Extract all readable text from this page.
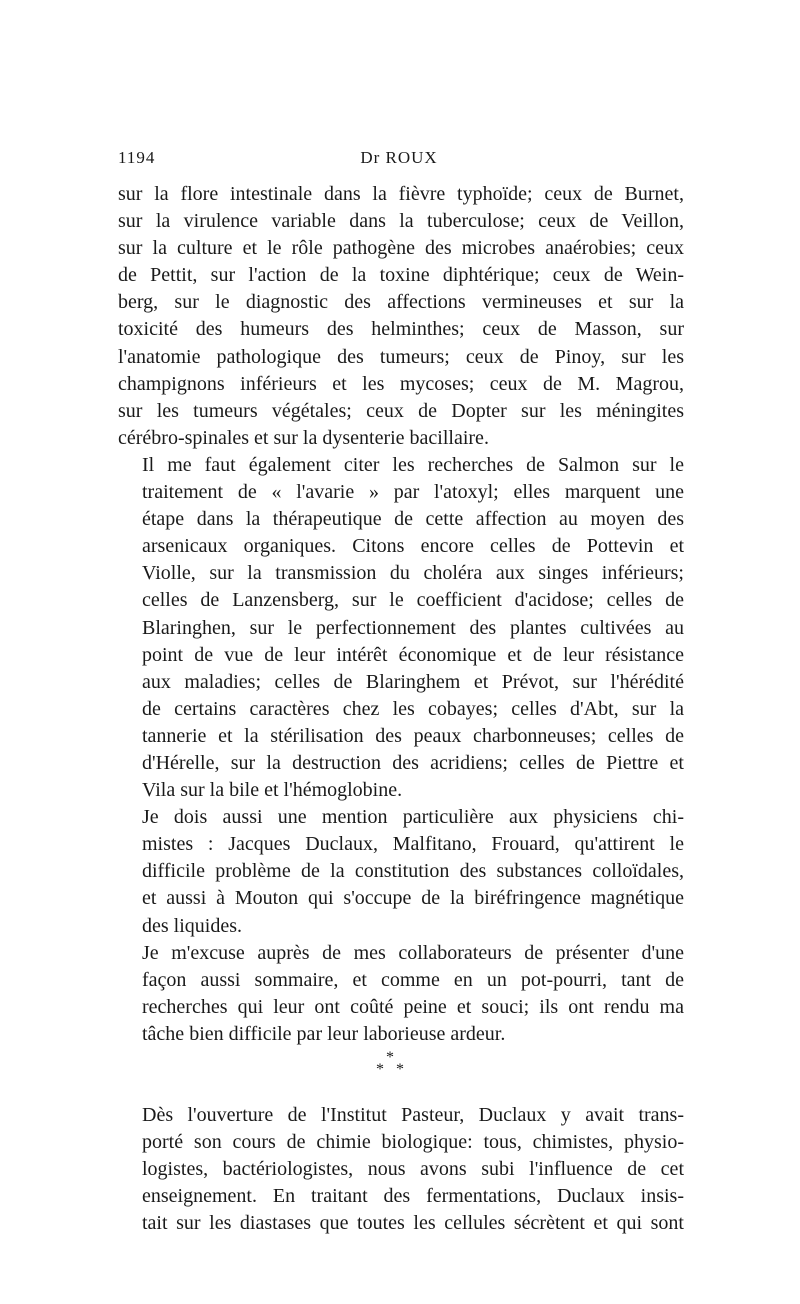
1194	Dr ROUX

sur la flore intestinale dans la fièvre typhoïde; ceux de Burnet,
sur la virulence variable dans la tuberculose; ceux de Veillon,
sur la culture et le rôle pathogène des microbes anaérobies; ceux
de Pettit, sur l'action de la toxine diphtérique; ceux de Wein-
berg, sur le diagnostic des affections vermineuses et sur la
toxicité des humeurs des helminthes; ceux de Masson, sur
l'anatomie pathologique des tumeurs; ceux de Pinoy, sur les
champignons inférieurs et les mycoses; ceux de M. Magrou,
sur les tumeurs végétales; ceux de Dopter sur les méningites
cérébro-spinales et sur la dysenterie bacillaire.

Il me faut également citer les recherches de Salmon sur le
traitement de « l'avarie » par l'atoxyl; elles marquent une
étape dans la thérapeutique de cette affection au moyen des
arsenicaux organiques. Citons encore celles de Pottevin et
Violle, sur la transmission du choléra aux singes inférieurs;
celles de Lanzensberg, sur le coefficient d'acidose; celles de
Blaringhen, sur le perfectionnement des plantes cultivées au
point de vue de leur intérêt économique et de leur résistance
aux maladies; celles de Blaringhem et Prévot, sur l'hérédité
de certains caractères chez les cobayes; celles d'Abt, sur la
tannerie et la stérilisation des peaux charbonneuses; celles de
d'Hérelle, sur la destruction des acridiens; celles de Piettre et
Vila sur la bile et l'hémoglobine.

Je dois aussi une mention particulière aux physiciens chi-
mistes : Jacques Duclaux, Malfitano, Frouard, qu'attirent le
difficile problème de la constitution des substances colloïdales,
et aussi à Mouton qui s'occupe de la biréfringence magnétique
des liquides.

Je m'excuse auprès de mes collaborateurs de présenter d'une
façon aussi sommaire, et comme en un pot-pourri, tant de
recherches qui leur ont coûté peine et souci; ils ont rendu ma
tâche bien difficile par leur laborieuse ardeur.

*
* *

Dès l'ouverture de l'Institut Pasteur, Duclaux y avait trans-
porté son cours de chimie biologique: tous, chimistes, physio-
logistes, bactériologistes, nous avons subi l'influence de cet
enseignement. En traitant des fermentations, Duclaux insis-
tait sur les diastases que toutes les cellules sécrètent et qui sont
